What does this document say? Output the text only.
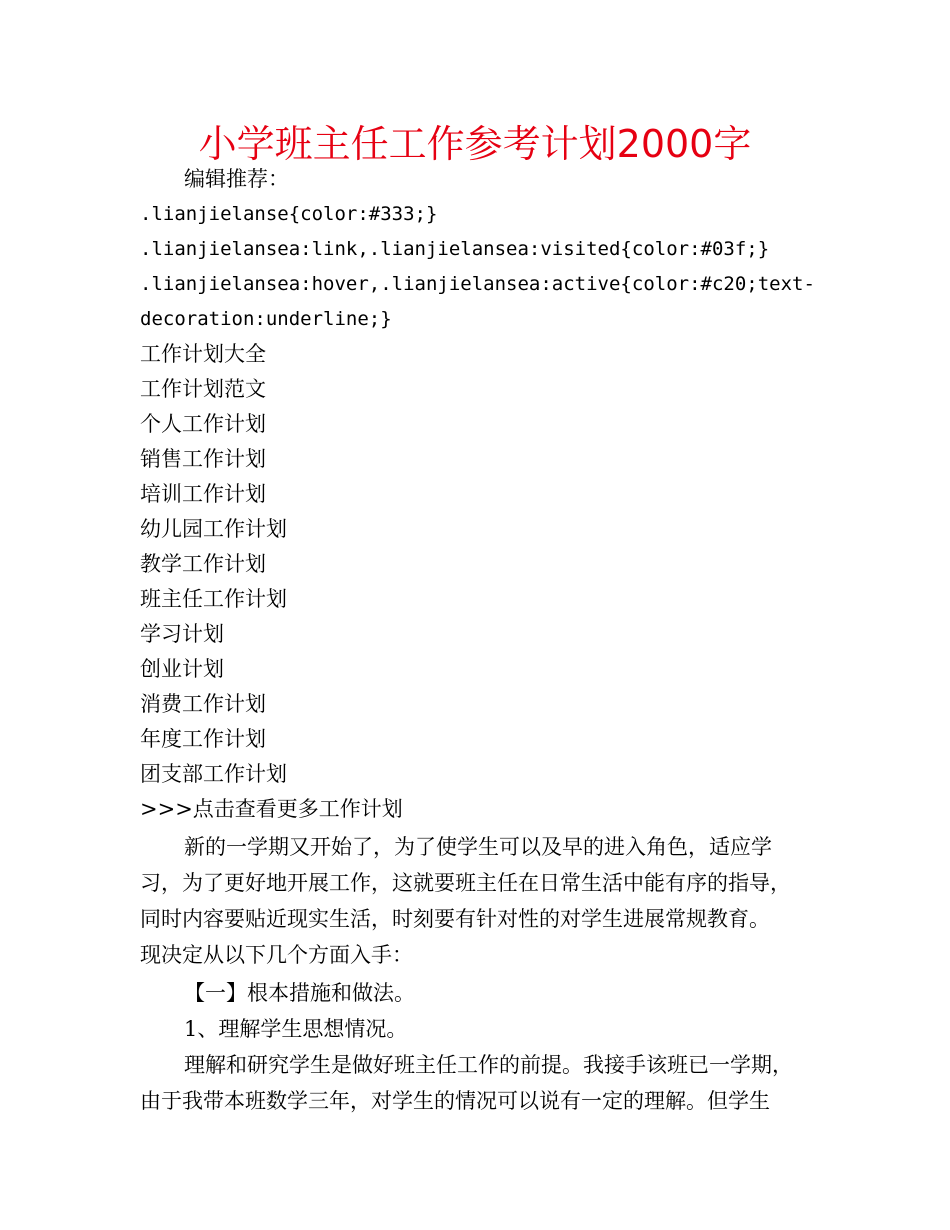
小学班主任工作参考计划2000字
编辑推荐：
.lianjielanse{color:#333;}
.lianjielansea:link,.lianjielansea:visited{color:#03f;}
.lianjielansea:hover,.lianjielansea:active{color:#c20;text-
decoration:underline;}
工作计划大全
工作计划范文
个人工作计划
销售工作计划
培训工作计划
幼儿园工作计划
教学工作计划
班主任工作计划
学习计划
创业计划
消费工作计划
年度工作计划
团支部工作计划
>>>点击查看更多工作计划
新的一学期又开始了，为了使学生可以及早的进入角色，适应学
习，为了更好地开展工作，这就要班主任在日常生活中能有序的指导，
同时内容要贴近现实生活，时刻要有针对性的对学生进展常规教育。
现决定从以下几个方面入手：
【一】根本措施和做法。
1、理解学生思想情况。
理解和研究学生是做好班主任工作的前提。我接手该班已一学期，
由于我带本班数学三年，对学生的情况可以说有一定的理解。但学生
